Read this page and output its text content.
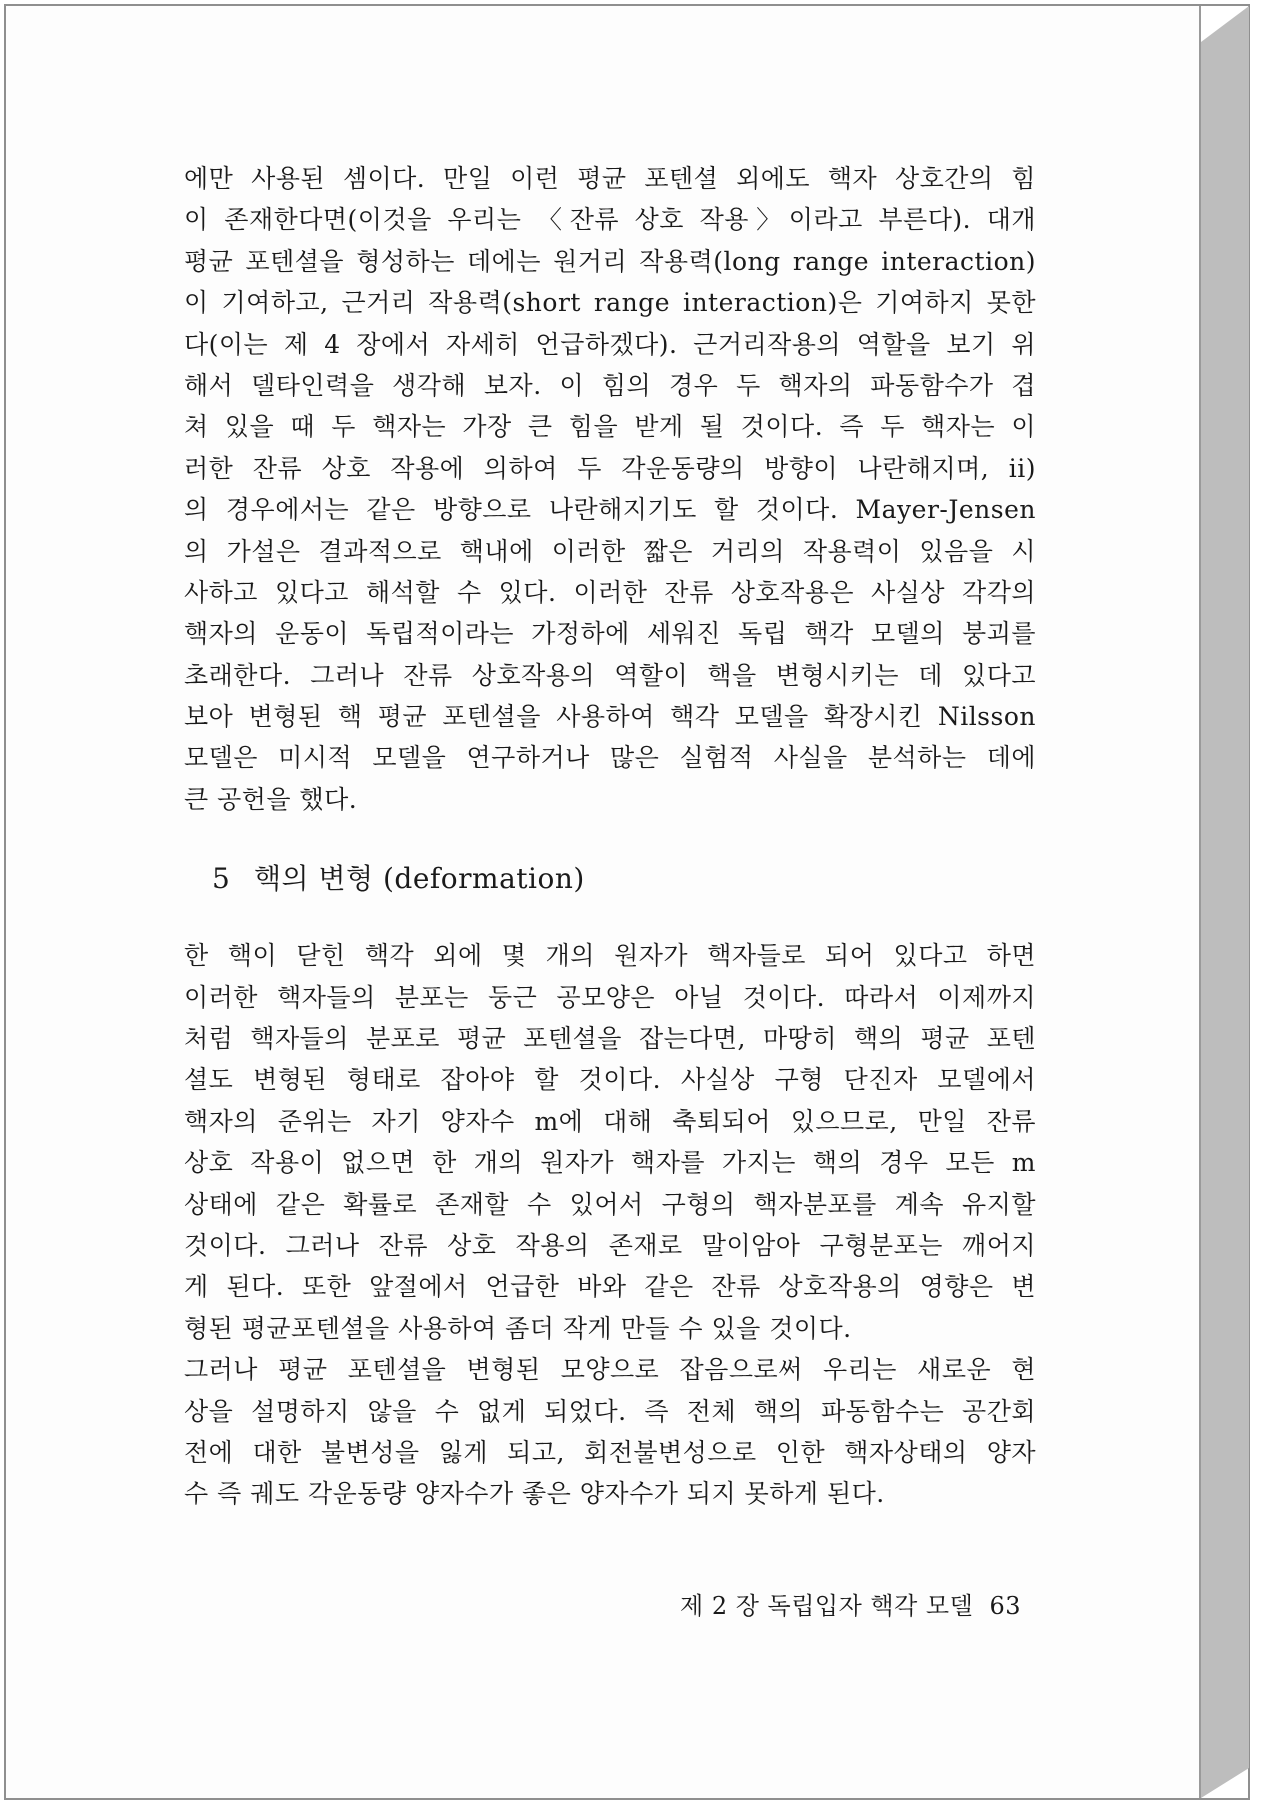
에만 사용된 셈이다. 만일 이런 평균 포텐셜 외에도 핵자 상호간의 힘
이 존재한다면(이것을 우리는 〈잔류 상호 작용〉이라고 부른다). 대개
평균 포텐셜을 형성하는 데에는 원거리 작용력(long range interaction)
이 기여하고, 근거리 작용력(short range interaction)은 기여하지 못한
다(이는 제 4 장에서 자세히 언급하겠다). 근거리작용의 역할을 보기 위
해서 델타인력을 생각해 보자. 이 힘의 경우 두 핵자의 파동함수가 겹
쳐 있을 때 두 핵자는 가장 큰 힘을 받게 될 것이다. 즉 두 핵자는 이
러한 잔류 상호 작용에 의하여 두 각운동량의 방향이 나란해지며, ii)
의 경우에서는 같은 방향으로 나란해지기도 할 것이다. Mayer-Jensen
의 가설은 결과적으로 핵내에 이러한 짧은 거리의 작용력이 있음을 시
사하고 있다고 해석할 수 있다. 이러한 잔류 상호작용은 사실상 각각의
핵자의 운동이 독립적이라는 가정하에 세워진 독립 핵각 모델의 붕괴를
초래한다. 그러나 잔류 상호작용의 역할이 핵을 변형시키는 데 있다고
보아 변형된 핵 평균 포텐셜을 사용하여 핵각 모델을 확장시킨 Nilsson
모델은 미시적 모델을 연구하거나 많은 실험적 사실을 분석하는 데에
큰 공헌을 했다.
5 핵의 변형 (deformation)
한 핵이 닫힌 핵각 외에 몇 개의 원자가 핵자들로 되어 있다고 하면
이러한 핵자들의 분포는 둥근 공모양은 아닐 것이다. 따라서 이제까지
처럼 핵자들의 분포로 평균 포텐셜을 잡는다면, 마땅히 핵의 평균 포텐
셜도 변형된 형태로 잡아야 할 것이다. 사실상 구형 단진자 모델에서
핵자의 준위는 자기 양자수 m에 대해 축퇴되어 있으므로, 만일 잔류
상호 작용이 없으면 한 개의 원자가 핵자를 가지는 핵의 경우 모든 m
상태에 같은 확률로 존재할 수 있어서 구형의 핵자분포를 계속 유지할
것이다. 그러나 잔류 상호 작용의 존재로 말이암아 구형분포는 깨어지
게 된다. 또한 앞절에서 언급한 바와 같은 잔류 상호작용의 영향은 변
형된 평균포텐셜을 사용하여 좀더 작게 만들 수 있을 것이다.
그러나 평균 포텐셜을 변형된 모양으로 잡음으로써 우리는 새로운 현
상을 설명하지 않을 수 없게 되었다. 즉 전체 핵의 파동함수는 공간회
전에 대한 불변성을 잃게 되고, 회전불변성으로 인한 핵자상태의 양자
수 즉 궤도 각운동량 양자수가 좋은 양자수가 되지 못하게 된다.
제 2 장 독립입자 핵각 모델 63
